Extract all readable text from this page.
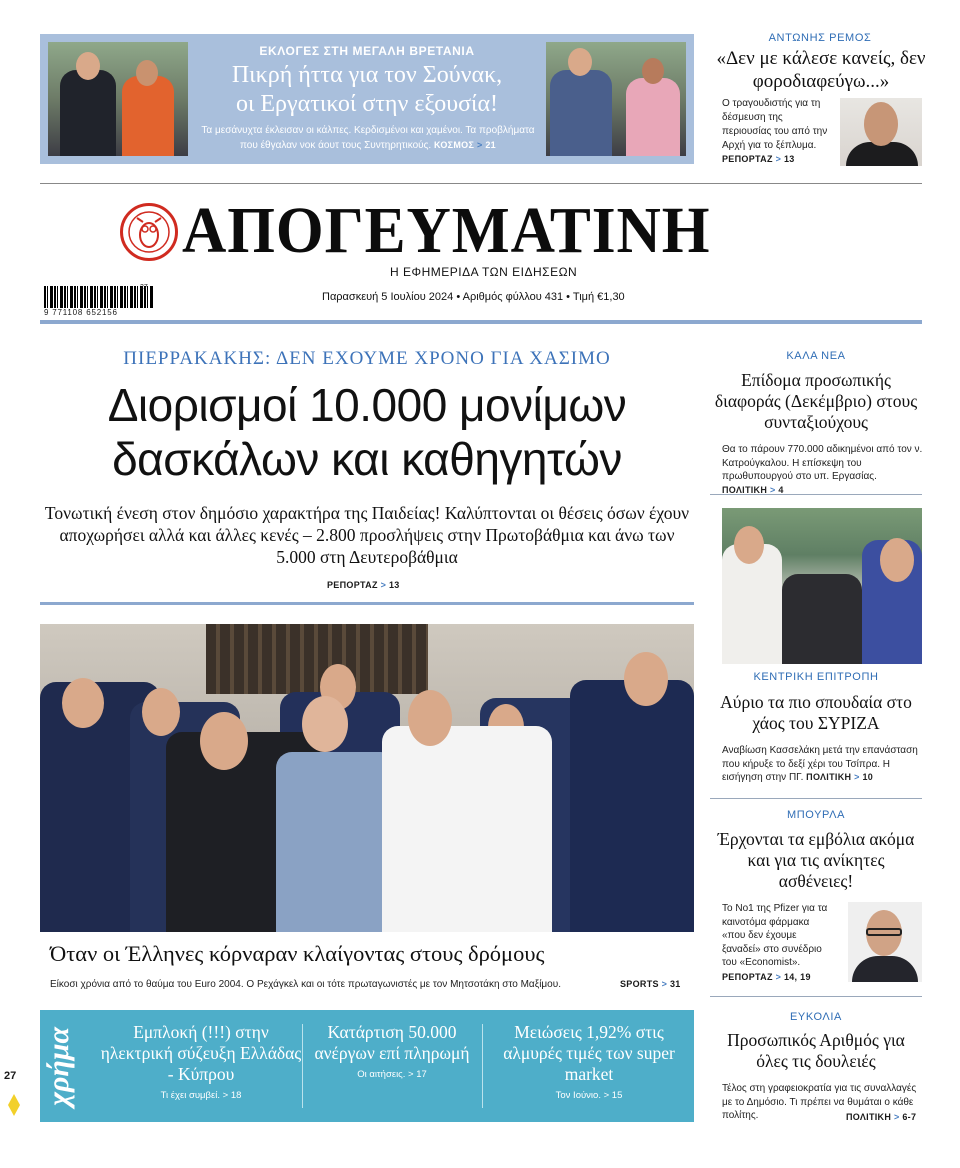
ΕΚΛΟΓΕΣ ΣΤΗ ΜΕΓΑΛΗ ΒΡΕΤΑΝΙΑ
Πικρή ήττα για τον Σούνακ,
οι Εργατικοί στην εξουσία!
Τα μεσάνυχτα έκλεισαν οι κάλπες. Κερδισμένοι και χαμένοι. Τα προβλήματα που έθγαλαν νοκ άουτ τους Συντηρητικούς. ΚΟΣΜΟΣ > 21
ΑΝΤΩΝΗΣ ΡΕΜΟΣ
«Δεν με κάλεσε κανείς, δεν φοροδιαφεύγω...»
Ο τραγουδιστής για τη δέσμευση της περιουσίας του από την Αρχή για το ξέπλυμα.
ΡΕΠΟΡΤΑΖ > 13
ΑΠΟΓΕΥΜΑΤΙΝΗ
Η ΕΦΗΜΕΡΙΔΑ ΤΩΝ ΕΙΔΗΣΕΩΝ
9 771108 652156
27
Παρασκευή 5 Ιουλίου 2024 • Αριθμός φύλλου 431 • Τιμή €1,30
ΠΙΕΡΡΑΚΑΚΗΣ: ΔΕΝ ΕΧΟΥΜΕ ΧΡΟΝΟ ΓΙΑ ΧΑΣΙΜΟ
Διορισμοί 10.000 μονίμων
δασκάλων και καθηγητών
Τονωτική ένεση στον δημόσιο χαρακτήρα της Παιδείας! Καλύπτονται οι θέσεις όσων έχουν αποχωρήσει αλλά και άλλες κενές – 2.800 προσλήψεις στην Πρωτοβάθμια και άνω των 5.000 στη Δευτεροβάθμια
ΡΕΠΟΡΤΑΖ > 13
Όταν οι Έλληνες κόρναραν κλαίγοντας στους δρόμους
Είκοσι χρόνια από το θαύμα του Euro 2004. Ο Ρεχάγκελ και οι τότε πρωταγωνιστές με τον Μητσοτάκη στο Μαξίμου.	SPORTS > 31
27 χρήμα	Εμπλοκή (!!!) στην ηλεκτρική σύζευξη Ελλάδας - Κύπρου
Τι έχει συμβεί. > 18
Κατάρτιση 50.000 ανέργων επί πληρωμή
Οι αιτήσεις. > 17
Μειώσεις 1,92% στις αλμυρές τιμές των super market
Τον Ιούνιο. > 15
ΚΑΛΑ ΝΕΑ
Επίδομα προσωπικής διαφοράς (Δεκέμβριο) στους συνταξιούχους
Θα το πάρουν 770.000 αδικημένοι από τον ν. Κατρούγκαλου. Η επίσκεψη του πρωθυπουργού στο υπ. Εργασίας. ΠΟΛΙΤΙΚΗ > 4
ΚΕΝΤΡΙΚΗ ΕΠΙΤΡΟΠΗ
Αύριο τα πιο σπουδαία στο χάος του ΣΥΡΙΖΑ
Αναβίωση Κασσελάκη μετά την επανάσταση που κήρυξε το δεξί χέρι του Τσίπρα. Η εισήγηση στην ΠΓ. ΠΟΛΙΤΙΚΗ > 10
ΜΠΟΥΡΛΑ
Έρχονται τα εμβόλια ακόμα και για τις ανίκητες ασθένειες!
Το Νο1 της Pfizer για τα καινοτόμα φάρμακα «που δεν έχουμε ξαναδεί» στο συνέδριο του «Economist».
ΡΕΠΟΡΤΑΖ > 14, 19
ΕΥΚΟΛΙΑ
Προσωπικός Αριθμός για όλες τις δουλειές
Τέλος στη γραφειοκρατία για τις συναλλαγές με το Δημόσιο. Τι πρέπει να θυμάται ο κάθε πολίτης.	ΠΟΛΙΤΙΚΗ > 6-7
